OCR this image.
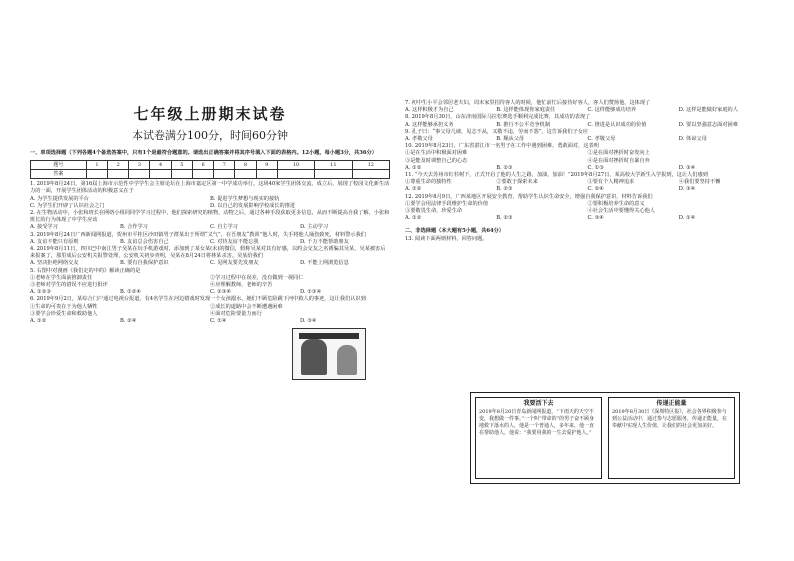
七年级上册期末试卷
本试卷满分100分，时间60分钟

一、单项选择题（下列各题4个备选答案中，只有1个是最符合题意的。请选出正确答案并将其序号填入下面的表格内。12小题，每小题3分，共36分）

题号	1	2	3	4	5	6	7	8	9	10	11	12
答案												

1. 2019年8月24日，第16届上海市示范性中学学生会主席论坛在上海市嘉定区第一中学成功举行。这场40家学生团体交流、成立后，展现了校园文化新生活力的一面，开展学生团体活动的积极意义在于

A. 为学生提供发展的平台	B. 促进学生梦想与现实的接轨
C. 为学生们开辟了认识社会之门	D. 以自己的发展影响学校成长的推进

2. 在生物活动中，小张和班长在网络小组同同学学习过程中，他们探索研究的植物、动物之后，通过各种手段获取更多信息，从而不断提高自我了解，小张和班长的行为体现了中学生应该

A. 接受学习	B. 合作学习	C. 自主学习	D. 主动学习

3. 2019年8月24日广西新闻网报道，贺州市平桂区沙田镇男子群某出于所谓“义气”，在吾朋友“教训”他人时，失手将他人捅伤致死，材料警示我们

A. 友谊不能只有原则	B. 友谊总会伤害自己	C. 对待友谊不能忘我	D. 千万不能帮助朋友

4. 2019年8月11日，四川巴中南江男子吴某在玩手机游戏时，添加到了某女某(未)的微信，假称吴某对其有好感，以约会交友之名诱骗其吴某，吴某被害后来报案了，那里成后公安机关报警处理，公安机关初步查明，吴某在8月24日将林某杀害。吴某给我们

A. 坚决拒绝网络交友	B. 要有自我保护意识	C. 见网友要先发朋友	D. 不能上网浏览信息

5. 右图中对漫画《我们走的中的》解读正确的是

①老师在学生面前推卸责任	②学习过程中在误差，没有做到一视同仁
③老师对学生的错误不应进行批评	④应理解教师，老师的辛苦
A. ①②③	B. ①②④	C. ②③④	D. ①③④

6. 2019年9月2日，某综合门户通过电视台报道，有4名学生在河边嬉戏时发现一个女孩溺水，她们不顾危险跳下河中救人的事迹，这让我们认识到

①生命的可贵在于为他人牺牲	②成长的道路中会不断遭遇困难
③要学会珍爱生命和救助他人	④面对危险要量力而行
A. ①②	B. ②④	C. ①④	D. ③④

7. 初中生小平会邻居老夫妇，周末家里招待客人的时候，他忙前忙后接待好客人，客人们赞扬他，这体现了

A. 这样积极才为自己	B. 这样能体现你家庭责任	C. 这样能够成功培养	D. 这样是能做好家庭的人

8. 2019年8月30日，山东济南国际马拉松赛选手顺利完成比赛，其成功的表现了

A. 这样能够承担义务	B. 推行不公平竞争机制	C. 推进是认识成功的价值	D. 要以坚强意志面对困难

9. 孔子曰：“事父母几谏，见志不从，又敬不违，劳而不怨”，这告诉我们子女应

A. 孝敬父母	B. 顺从父母	C. 孝敬父母	D. 体谅父母

10. 2019年8月23日，广东省湛江市一名男子在工作中遇到困难，勇敢面对，这表明

①是在生活中积极面对困难	②是在面对挫折时奋发向上
③是能及时调整自己的心态	④是在面对挫折时自暴自弃
A. ①②	B. ②③	C. ①③	D. ③④

11. “今天去苏州市红杉树下，正式开启了他的人生之路，加油，加油！”2019年8月27日，某高校大学新生入学报到，这让人们感到

①尊重生命的独特性	②要敢于探索未来	③要有个人精神追求	④我们要坚持不懈
A. ①②	B. ②③	C. ②④	D. ③④

12. 2019年8月9日，广西某地区开展安全教育，帮助学生认识生命安全，增强自我保护意识，材料告诉我们

①要学会用法律手段维护生命的价值	②要积极培养生命的意义
③要敬畏生命，珍爱生命	④社会生活中要懂得关心他人
A. ①②	B. ②③	C. ③④	D. ①④

二、非选择题（本大题有5小题，共64分）

13. 阅读下面两则材料，回答问题。

我要活下去
2019年8月20日青岛新闻网报道，“下雨天的天空不变，我想做一件事。”一个叫“带命的”的男子奋不顾身地救下落水的人，他是一个普通人，多年来，他一直在帮助他人，他说：“我要用我的一生去爱护他人。”
传递正能量
2019年8月30日《深圳特区报》，社会各界积极参与到公益活动中，通过参与志愿服务，传递正能量，在奉献中实现人生价值，让我们的社会更加美好。
